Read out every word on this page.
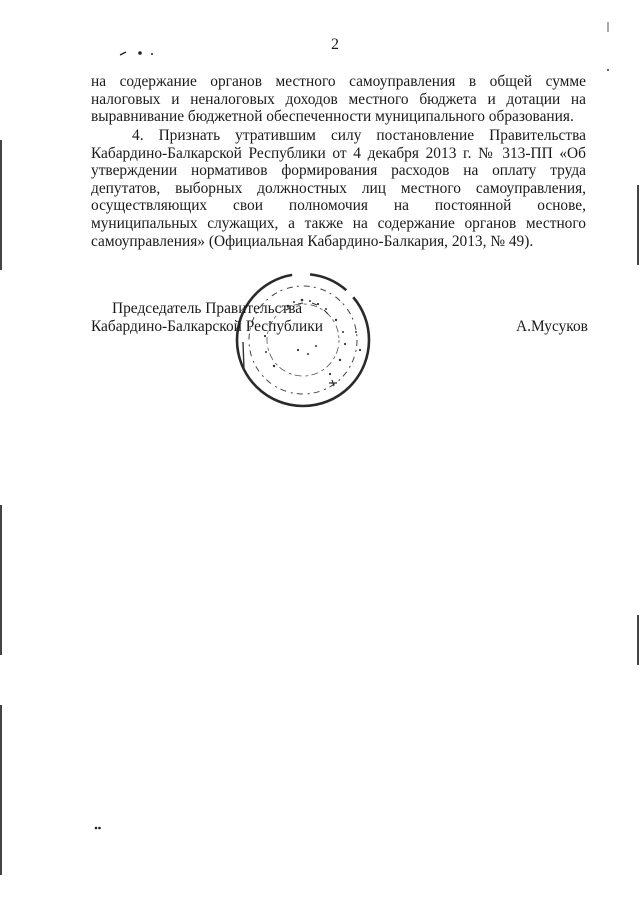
2

на содержание органов местного самоуправления в общей сумме налоговых и неналоговых доходов местного бюджета и дотации на выравнивание бюджетной обеспеченности муниципального образования.

4. Признать утратившим силу постановление Правительства Кабардино-Балкарской Республики от 4 декабря 2013 г. № 313-ПП «Об утверждении нормативов формирования расходов на оплату труда депутатов, выборных должностных лиц местного самоуправления, осуществляющих свои полномочия на постоянной основе, муниципальных служащих, а также на содержание органов местного самоуправления» (Официальная Кабардино-Балкария, 2013, № 49).

Председатель Правительства
Кабардино-Балкарской Республики	А.Мусуков
